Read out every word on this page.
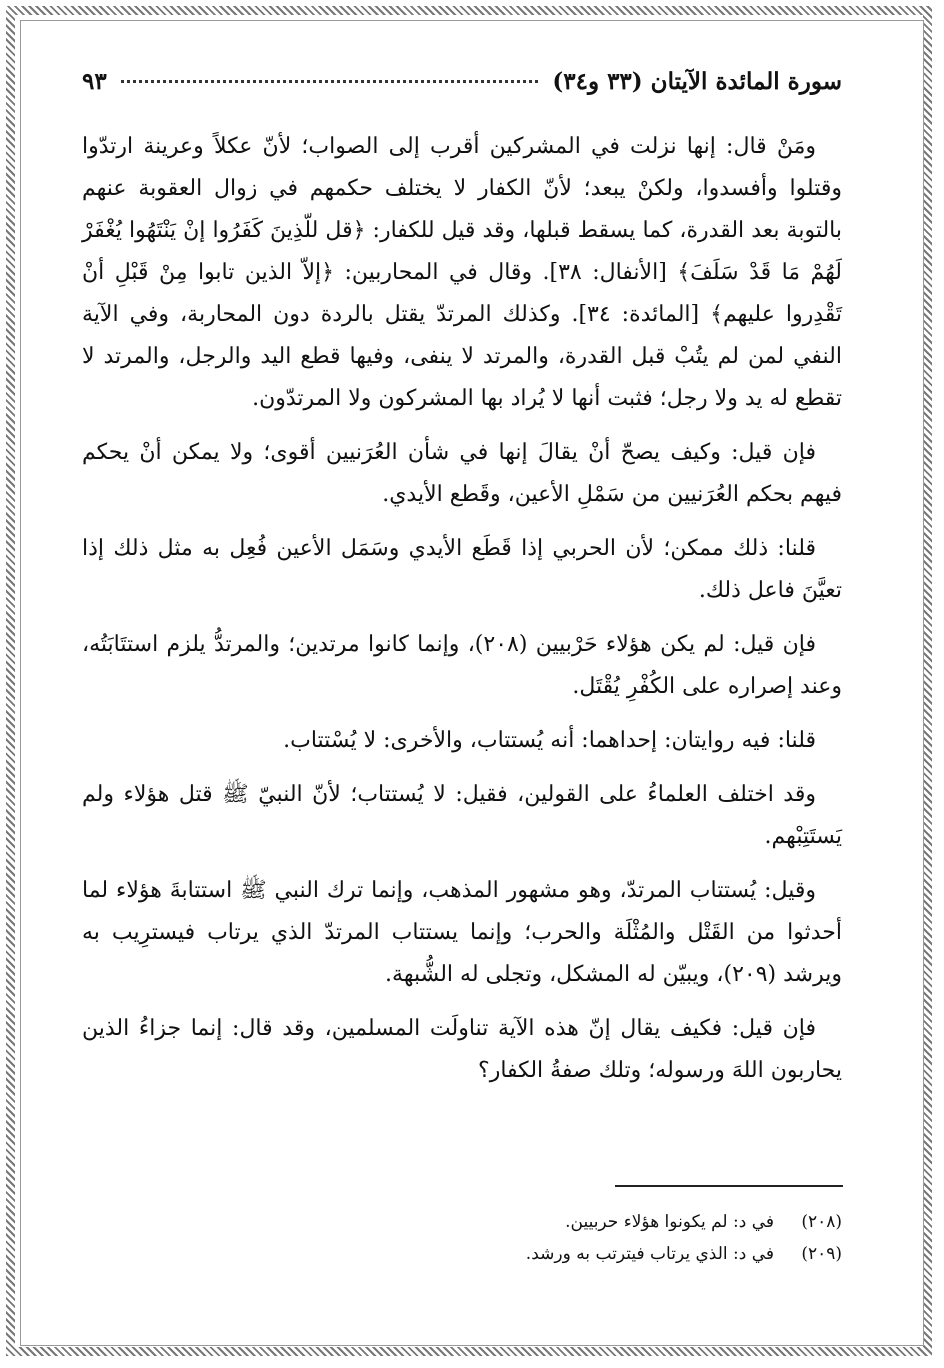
سورة المائدة الآيتان (٣٣ و٣٤)
٩٣

ومَنْ قال: إنها نزلت في المشركين أقرب إلى الصواب؛ لأنّ عكلاً وعرينة ارتدّوا وقتلوا وأفسدوا، ولكنْ يبعد؛ لأنّ الكفار لا يختلف حكمهم في زوال العقوبة عنهم بالتوبة بعد القدرة، كما يسقط قبلها، وقد قيل للكفار: ﴿قل للّذِينَ كَفَرُوا إنْ يَنْتَهُوا يُغْفَرْ لَهُمْ مَا قَدْ سَلَفَ﴾ [الأنفال: ٣٨]. وقال في المحاربين: ﴿إلاّ الذين تابوا مِنْ قَبْلِ أنْ تَقْدِروا عليهم﴾ [المائدة: ٣٤]. وكذلك المرتدّ يقتل بالردة دون المحاربة، وفي الآية النفي لمن لم يتُبْ قبل القدرة، والمرتد لا ينفى، وفيها قطع اليد والرجل، والمرتد لا تقطع له يد ولا رجل؛ فثبت أنها لا يُراد بها المشركون ولا المرتدّون.

فإن قيل: وكيف يصحّ أنْ يقالَ إنها في شأن العُرَنيين أقوى؛ ولا يمكن أنْ يحكم فيهم بحكم العُرَنيين من سَمْلِ الأعين، وقَطع الأيدي.

قلنا: ذلك ممكن؛ لأن الحربي إذا قَطَع الأيدي وسَمَل الأعين فُعِل به مثل ذلك إذا تعيَّنَ فاعل ذلك.

فإن قيل: لم يكن هؤلاء حَرْبيين (٢٠٨)، وإنما كانوا مرتدين؛ والمرتدُّ يلزم استتَابَتُه، وعند إصراره على الكُفْرِ يُقْتَل.

قلنا: فيه روايتان: إحداهما: أنه يُستتاب، والأخرى: لا يُسْتتاب.

وقد اختلف العلماءُ على القولين، فقيل: لا يُستتاب؛ لأنّ النبيّ ﷺ قتل هؤلاء ولم يَستَتِبْهم.

وقيل: يُستتاب المرتدّ، وهو مشهور المذهب، وإنما ترك النبي ﷺ استتابةَ هؤلاء لما أحدثوا من القَتْل والمُثْلَة والحرب؛ وإنما يستتاب المرتدّ الذي يرتاب فيسترِيب به ويرشد (٢٠٩)، ويبيّن له المشكل، وتجلى له الشُّبهة.

فإن قيل: فكيف يقال إنّ هذه الآية تناولَت المسلمين، وقد قال: إنما جزاءُ الذين يحاربون اللهَ ورسوله؛ وتلك صفةُ الكفار؟

(٢٠٨)
في د: لم يكونوا هؤلاء حربيين.
(٢٠٩)
في د: الذي يرتاب فيترتب به ورشد.
